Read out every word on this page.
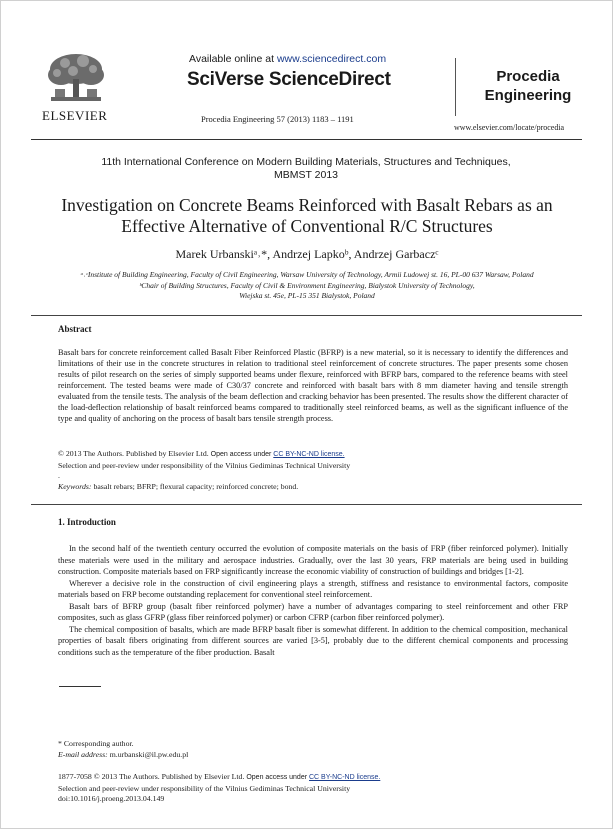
ELSEVIER
Available online at www.sciencedirect.com
SciVerse ScienceDirect
Procedia Engineering 57 (2013) 1183 – 1191
Procedia
Engineering
www.elsevier.com/locate/procedia
11th International Conference on Modern Building Materials, Structures and Techniques,
MBMST 2013
Investigation on Concrete Beams Reinforced with Basalt Rebars as an
Effective Alternative of Conventional R/C Structures
Marek Urbanskiᵃ˒*, Andrzej Lapkoᵇ, Andrzej Garbaczᶜ
ᵃ˒ᶜInstitute of Building Engineering, Faculty of Civil Engineering, Warsaw University of Technology, Armii Ludowej st. 16, PL-00 637 Warsaw, Poland
ᵇChair of Building Structures, Faculty of Civil & Environment Engineering, Bialystok University of Technology,
Wiejska st. 45e, PL-15 351 Bialystok, Poland
Abstract

Basalt bars for concrete reinforcement called Basalt Fiber Reinforced Plastic (BFRP) is a new material, so it is necessary to identify the differences and limitations of their use in the concrete structures in relation to traditional steel reinforcement of concrete structures. The paper presents some chosen results of pilot research on the series of simply supported beams under flexure, reinforced with BFRP bars, compared to the reference beams with steel reinforcement. The tested beams were made of C30/37 concrete and reinforced with basalt bars with 8 mm diameter having and tensile strength evaluated from the tensile tests. The analysis of the beam deflection and cracking behavior has been presented. The results show the different character of the load-deflection relationship of basalt reinforced beams compared to traditionally steel reinforced beams, as well as the significant influence of the type and quality of anchoring on the process of basalt bars tensile strength process.

© 2013 The Authors. Published by Elsevier Ltd. Open access under CC BY-NC-ND license.

Selection and peer-review under responsibility of the Vilnius Gediminas Technical University

.

Keywords: basalt rebars; BFRP; flexural capacity; reinforced concrete; bond.

1. Introduction

In the second half of the twentieth century occurred the evolution of composite materials on the basis of FRP (fiber reinforced polymer). Initially these materials were used in the military and aerospace industries. Gradually, over the last 30 years, FRP materials are being used in building construction. Composite materials based on FRP significantly increase the economic viability of construction of buildings and bridges [1-2].

Wherever a decisive role in the construction of civil engineering plays a strength, stiffness and resistance to environmental factors, composite materials based on FRP become outstanding replacement for conventional steel reinforcement.

Basalt bars of BFRP group (basalt fiber reinforced polymer) have a number of advantages comparing to steel reinforcement and other FRP composites, such as glass GFRP (glass fiber reinforced polymer) or carbon CFRP (carbon fiber reinforced polymer).

The chemical composition of basalts, which are made BFRP basalt fiber is somewhat different. In addition to the chemical composition, mechanical properties of basalt fibers originating from different sources are varied [3-5], probably due to the different chemical components and processing conditions such as the temperature of the fiber production. Basalt

* Corresponding author.

E-mail address: m.urbanski@il.pw.edu.pl

1877-7058 © 2013 The Authors. Published by Elsevier Ltd. Open access under CC BY-NC-ND license.
Selection and peer-review under responsibility of the Vilnius Gediminas Technical University
doi:10.1016/j.proeng.2013.04.149
